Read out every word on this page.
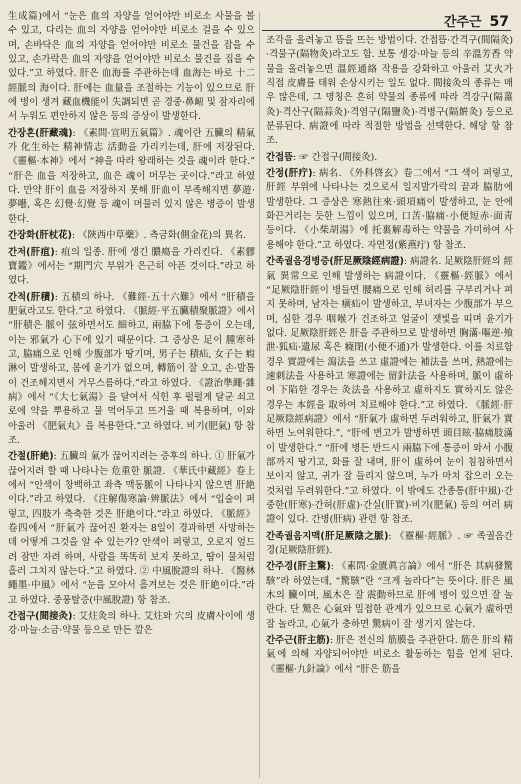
간주근 57
生成篇)에서 “눈은 血의 자양을 얻어야만 비로소 사물을 볼 수 있고, 다리는 血의 자양을 얻어야만 비로소 걸을 수 있으며, 손바닥은 血의 자양을 얻어야만 비로소 물건을 잡을 수 있고, 손가락은 血의 자양을 얻어야만 비로소 물건을 집을 수 있다.”고 하였다. 肝은 血海를 주관하는데 血海는 바로 十二經脈의 海이다. 肝에는 血量을 조절하는 기능이 있으므로 肝에 병이 생겨 藏血機能이 失調되면 곧 경중·鼻衄 및 잠자리에서 누워도 편안하지 않은 등의 증상이 발생한다.
간장혼(肝藏魂): 《素問·宣明五氣篇》. 魂이란 五臟의 精氣가 化生하는 精神情志 活動을 가리키는데, 肝에 저장된다. 《靈樞·本神》에서 “神을 따라 왕래하는 것을 魂이라 한다.” “肝은 血을 저장하고, 血은 魂이 머무는 곳이다.”라고 하였다. 만약 肝이 血을 저장하지 못해 肝血이 부족해지면 夢遊·夢囈, 혹은 幻覺·幻覺 등 魂이 머물러 있지 않은 병증이 발생한다.
간장화(肝杖花): 《陝西中草藥》. 측금화(側金花)의 異名.
간저(肝疽): 疽의 일종. 肝에 생긴 膿瘍을 가리킨다. 《素髎寶鑑》에서는 “期門穴 부위가 은근히 아픈 것이다.”라고 하였다.
간적(肝積): 五積의 하나. 《難經·五十六難》에서 “肝積을 肥氣라고도 한다.”고 하였다. 《脈經·平五臟積聚脈證》에서 “肝積은 脈이 弦하면서도 細하고, 兩脇下에 통증이 오는데, 이는 邪氣가 心下에 있기 때문이다. 그 증상은 足이 腫寒하고, 脇痛으로 인해 少腹部가 땅기며, 男子는 積疝, 女子는 瘕淋이 발생하고, 몸에 윤기가 없으며, 轉筋이 잘 오고, 손·발톱이 건조해지면서 거무스름하다.”라고 하였다. 《證治準繩·雜病》에서 “《大七氣湯》을 달여서 식힌 후 펄펄게 달군 쇠고로에 약을 뿌용하고 물 먹어두고 뜨거울 때 복용하며, 이와 아울러 《肥氣丸》을 복용한다.”고 하였다. 비기(肥氣) 항 참조.
간절(肝絶): 五臟의 氣가 끊어지려는 증후의 하나. ① 肝氣가 끊어지려 할 때 나타나는 危重한 脈證. 《華氏中藏經》卷上에서 “안색이 창백하고 좌측 맥동脈이 나타나지 않으면 肝絶이다.”라고 하였다. 《注解傷寒論·辨脈法》에서 “입술이 퍼렇고, 四肢가 축축한 것은 肝絶이다.”라고 하였다. 《脈經》卷四에서 “肝氣가 끊어진 환자는 8일이 경과하면 사망하는데 어떻게 그것을 알 수 있는가? 안색이 퍼렇고, 오로지 엎드려 잠만 자려 하며, 사람을 똑똑히 보지 못하고, 땀이 물처럼 흘러 그치지 않는다.”고 하였다. ② 中風脫證의 하나. 《醫林繩墨·中風》에서 “눈을 모아서 흘겨보는 것은 肝絶이다.”라고 하였다. 중풍탈증(中風脫證) 항 참조.
간접구(間接灸): 艾炷灸의 하나. 艾炷와 穴의 皮膚사이에 생강·마늘·소금·약물 등으로 만든 깔은
조각을 올려놓고 뜸을 뜨는 방법이다. 간접뜸·간격구(間隔灸)·격물구(隔物灸)라고도 함. 보통 생강·마늘 등의 辛溫芳香 약물을 올려놓으면 溫經通絡 작용을 강화하고 아울러 艾火가 직접 皮膚를 태워 손상시키는 일도 없다. 間接灸의 종류는 매우 많은데, 그 명칭은 흔히 약물의 종류에 따라 격강구(隔薑灸)·격산구(隔蒜灸)·격염구(隔鹽灸)·격병구(隔餠灸) 등으로 분류된다. 病證에 따라 적절한 방법을 선택한다. 해당 항 참조.
간접뜸: ☞ 간접구(間接灸).
간정(肝疔): 病名. 《外科啓玄》卷二에서 “그 색이 퍼렇고, 肝經 부위에 나타나는 것으로서 일지발가락의 끝과 脇肋에 발생한다. 그 증상은 寒熱往來·頭項痛이 발생하고, 눈 안에 화끈거리는 듯한 느낌이 있으며, 口苦·脇痛·小便短赤·面靑 등이다. 《小柴胡湯》에 托裏解毒하는 약물을 가미하여 사용해야 한다.”고 하였다. 자연정(紫燕疔) 항 참조.
간족궐음경병증(肝足厥陰經病證): 病證名. 足厥陰肝經의 經氣 異常으로 인해 발생하는 病證이다. 《靈樞·經脈》에서 “足厥陰肝經이 병들면 腰痛으로 인해 허리를 구부리거나 펴지 못하며, 남자는 癀疝이 발생하고, 부녀자는 少腹部가 부으며, 심한 경우 咽喉가 건조하고 얼굴이 잿빛을 띠며 윤기가 없다. 足厥陰肝經은 肝을 주관하므로 발생하면 胸滿·嘔逆·飧泄·狐疝·遺尿 혹은 癃閉(小便不通)가 발생한다. 이를 치료함 경우 實證에는 瀉法을 쓰고 虛證에는 補法을 쓰며, 熱證에는 速刺法을 사용하고 寒證에는 留針法을 사용하며, 脈이 虛하여 下陷한 경우는 灸法을 사용하고 虛하지도 實하지도 않은 경우는 本經을 取하여 치료해야 한다.”고 하였다. 《脈經·肝足厥陰經病證》에서 “肝氣가 虛하면 두려워하고, 肝氣가 實하면 노여워한다.”, “肝에 변고가 발병하면 頭目眩·脇痛肢滿이 발생한다.” “肝에 병든 반드시 兩脇下에 통증이 와서 小腹部까지 땅기고, 화를 잘 내며, 肝이 虛하여 눈이 침침하면서 보이지 않고, 귀가 잘 들리지 않으며, 누가 마치 잡으러 오는 것처럼 두려워한다.”고 하였다. 이 밖에도 간종통(肝中風)·간중한(肝寒)·간허(肝虛)·간실(肝實)·비기(肥氣) 등의 여러 病證이 있다. 간병(肝病) 관련 항 참조.
간족궐음지맥(肝足厥陰之脈): 《靈樞·經脈》. ☞ 족궐음간경(足厥陰肝經).
간주경(肝主驚): 《素問·金匱眞言論》에서 “肝은 其病發驚駭”라 하였는데, “驚駭”란 “크게 놀라다”는 뜻이다. 肝은 風木의 臟이며, 風木은 잘 震動하므로 肝에 병이 있으면 잘 놀란다. 단 驚은 心氣와 밀접한 관계가 있으므로 心氣가 虛하면 잘 놀라고, 心氣가 충하면 驚病이 잘 생기지 않는다.
간주근(肝主筋): 肝은 전신의 筋膜을 주관한다. 筋은 肝의 精氣에 의해 자양되어야만 비로소 활동하는 힘을 얻게 된다. 《靈樞·九針論》에서 “肝은 筋을
